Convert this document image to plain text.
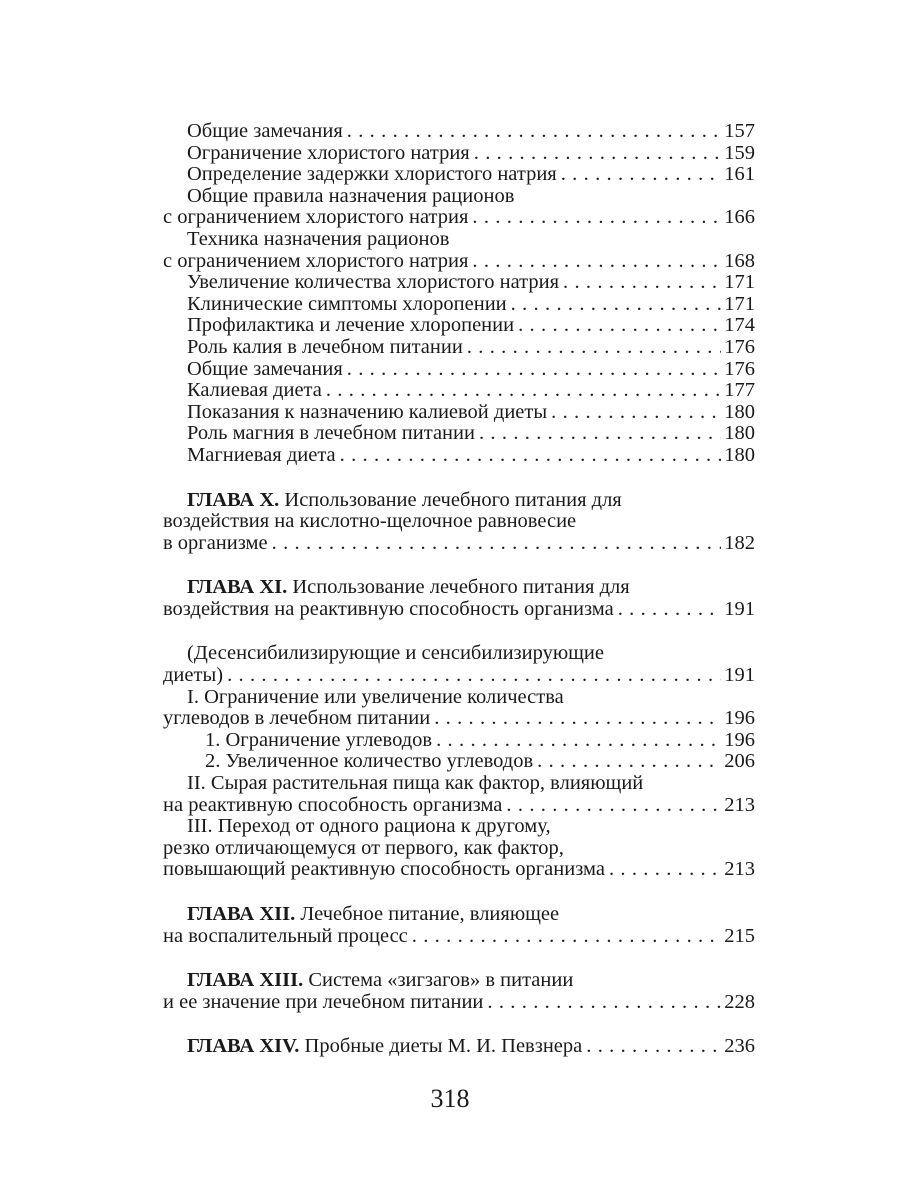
Общие замечания . . .	157
Ограничение хлористого натрия . . .	159
Определение задержки хлористого натрия . . .	161
Общие правила назначения рационов
с ограничением хлористого натрия . . .	166
Техника назначения рационов
с ограничением хлористого натрия . . .	168
Увеличение количества хлористого натрия . . .	171
Клинические симптомы хлоропении . . .	171
Профилактика и лечение хлоропении . . .	174
Роль калия в лечебном питании . . .	176
Общие замечания . . .	176
Калиевая диета . . .	177
Показания к назначению калиевой диеты . . .	180
Роль магния в лечебном питании . . .	180
Магниевая диета . . .	180
ГЛАВА X. Использование лечебного питания для
воздействия на кислотно-щелочное равновесие
в организме . . .	182
ГЛАВА XI. Использование лечебного питания для
воздействия на реактивную способность организма . . .	191
(Десенсибилизирующие и сенсибилизирующие
диеты) . . .	191
I. Ограничение или увеличение количества
углеводов в лечебном питании . . .	196
1. Ограничение углеводов . . .	196
2. Увеличенное количество углеводов . . .	206
II. Сырая растительная пища как фактор, влияющий
на реактивную способность организма . . .	213
III. Переход от одного рациона к другому,
резко отличающемуся от первого, как фактор,
повышающий реактивную способность организма . . .	213
ГЛАВА XII. Лечебное питание, влияющее
на воспалительный процесс . . .	215
ГЛАВА XIII. Система «зигзагов» в питании
и ее значение при лечебном питании . . .	228
ГЛАВА XIV. Пробные диеты М. И. Певзнера . . .	236
318
